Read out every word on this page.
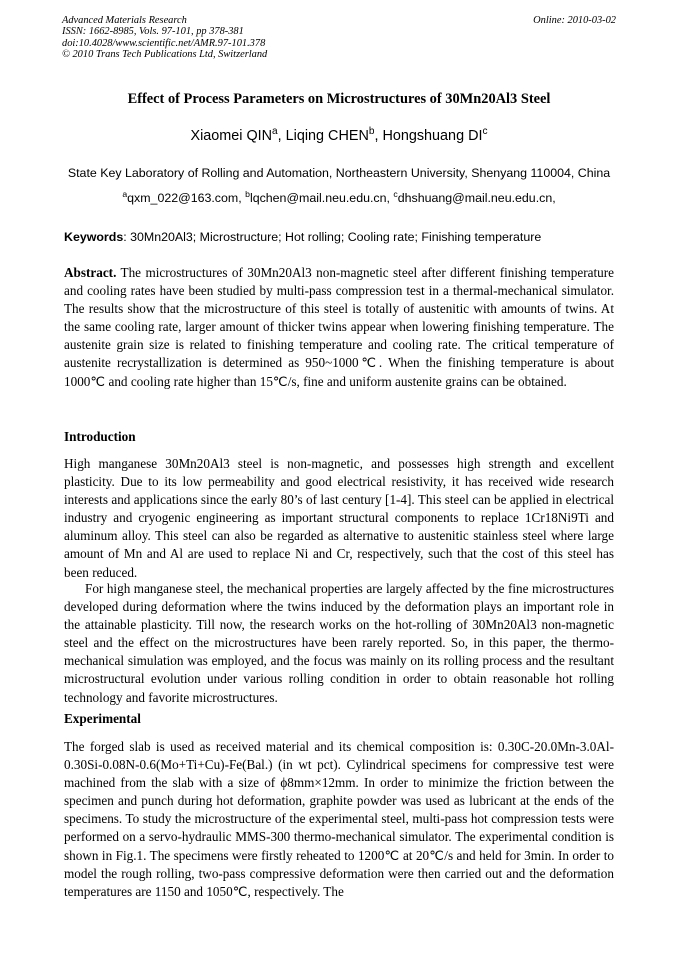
Advanced Materials Research
ISSN: 1662-8985, Vols. 97-101, pp 378-381
doi:10.4028/www.scientific.net/AMR.97-101.378
© 2010 Trans Tech Publications Ltd, Switzerland
Online: 2010-03-02
Effect of Process Parameters on Microstructures of 30Mn20Al3 Steel
Xiaomei QIN$^a$, Liqing CHEN$^b$, Hongshuang $DI^c$
State Key Laboratory of Rolling and Automation, Northeastern University, Shenyang 110004, China
$^a$qxm_022@163.com, $^b$lqchen@mail.neu.edu.cn, $^c$dhshuang@mail.neu.edu.cn,
Keywords: 30Mn20Al3; Microstructure; Hot rolling; Cooling rate; Finishing temperature
Abstract. The microstructures of 30Mn20Al3 non-magnetic steel after different finishing temperature and cooling rates have been studied by multi-pass compression test in a thermal-mechanical simulator. The results show that the microstructure of this steel is totally of austenitic with amounts of twins. At the same cooling rate, larger amount of thicker twins appear when lowering finishing temperature. The austenite grain size is related to finishing temperature and cooling rate. The critical temperature of austenite recrystallization is determined as 950~1000℃. When the finishing temperature is about 1000℃ and cooling rate higher than 15℃/s, fine and uniform austenite grains can be obtained.
Introduction
High manganese 30Mn20Al3 steel is non-magnetic, and possesses high strength and excellent plasticity. Due to its low permeability and good electrical resistivity, it has received wide research interests and applications since the early 80’s of last century [1-4]. This steel can be applied in electrical industry and cryogenic engineering as important structural components to replace 1Cr18Ni9Ti and aluminum alloy. This steel can also be regarded as alternative to austenitic stainless steel where large amount of Mn and Al are used to replace Ni and Cr, respectively, such that the cost of this steel has been reduced.
For high manganese steel, the mechanical properties are largely affected by the fine microstructures developed during deformation where the twins induced by the deformation plays an important role in the attainable plasticity. Till now, the research works on the hot-rolling of 30Mn20Al3 non-magnetic steel and the effect on the microstructures have been rarely reported. So, in this paper, the thermo-mechanical simulation was employed, and the focus was mainly on its rolling process and the resultant microstructural evolution under various rolling condition in order to obtain reasonable hot rolling technology and favorite microstructures.
Experimental
The forged slab is used as received material and its chemical composition is: 0.30C-20.0Mn-3.0Al-0.30Si-0.08N-0.6(Mo+Ti+Cu)-Fe(Bal.) (in wt pct). Cylindrical specimens for compressive test were machined from the slab with a size of ϕ8mm×12mm. In order to minimize the friction between the specimen and punch during hot deformation, graphite powder was used as lubricant at the ends of the specimens. To study the microstructure of the experimental steel, multi-pass hot compression tests were performed on a servo-hydraulic MMS-300 thermo-mechanical simulator. The experimental condition is shown in Fig.1. The specimens were firstly reheated to 1200℃ at 20℃/s and held for 3min. In order to model the rough rolling, two-pass compressive deformation were then carried out and the deformation temperatures are 1150 and 1050℃, respectively. The
